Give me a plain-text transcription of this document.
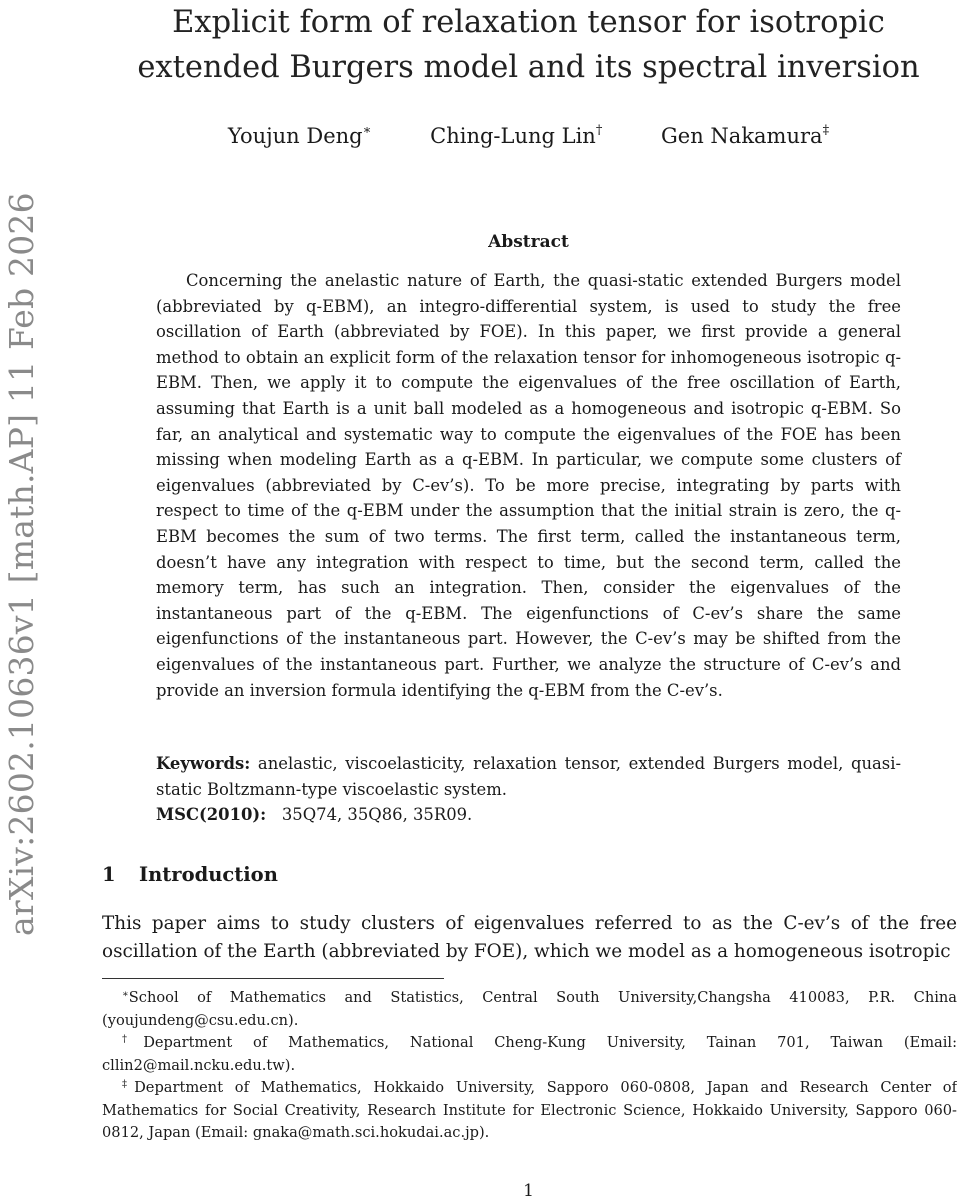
arXiv:2602.10636v1 [math.AP] 11 Feb 2026
Explicit form of relaxation tensor for isotropic extended Burgers model and its spectral inversion
Youjun Deng∗	Ching-Lung Lin†	Gen Nakamura‡
Abstract

Concerning the anelastic nature of Earth, the quasi-static extended Burgers model (abbreviated by q-EBM), an integro-differential system, is used to study the free oscillation of Earth (abbreviated by FOE). In this paper, we first provide a general method to obtain an explicit form of the relaxation tensor for inhomogeneous isotropic q-EBM. Then, we apply it to compute the eigenvalues of the free oscillation of Earth, assuming that Earth is a unit ball modeled as a homogeneous and isotropic q-EBM. So far, an analytical and systematic way to compute the eigenvalues of the FOE has been missing when modeling Earth as a q-EBM. In particular, we compute some clusters of eigenvalues (abbreviated by C-ev’s). To be more precise, integrating by parts with respect to time of the q-EBM under the assumption that the initial strain is zero, the q-EBM becomes the sum of two terms. The first term, called the instantaneous term, doesn’t have any integration with respect to time, but the second term, called the memory term, has such an integration. Then, consider the eigenvalues of the instantaneous part of the q-EBM. The eigenfunctions of C-ev’s share the same eigenfunctions of the instantaneous part. However, the C-ev’s may be shifted from the eigenvalues of the instantaneous part. Further, we analyze the structure of C-ev’s and provide an inversion formula identifying the q-EBM from the C-ev’s.

Keywords: anelastic, viscoelasticity, relaxation tensor, extended Burgers model, quasi-static Boltzmann-type viscoelastic system.

MSC(2010): 35Q74, 35Q86, 35R09.

1 Introduction

This paper aims to study clusters of eigenvalues referred to as the C-ev’s of the free oscillation of the Earth (abbreviated by FOE), which we model as a homogeneous isotropic

∗School of Mathematics and Statistics, Central South University,Changsha 410083, P.R. China (youjundeng@csu.edu.cn).

†Department of Mathematics, National Cheng-Kung University, Tainan 701, Taiwan (Email: cllin2@mail.ncku.edu.tw).

‡Department of Mathematics, Hokkaido University, Sapporo 060-0808, Japan and Research Center of Mathematics for Social Creativity, Research Institute for Electronic Science, Hokkaido University, Sapporo 060-0812, Japan (Email: gnaka@math.sci.hokudai.ac.jp).

1
